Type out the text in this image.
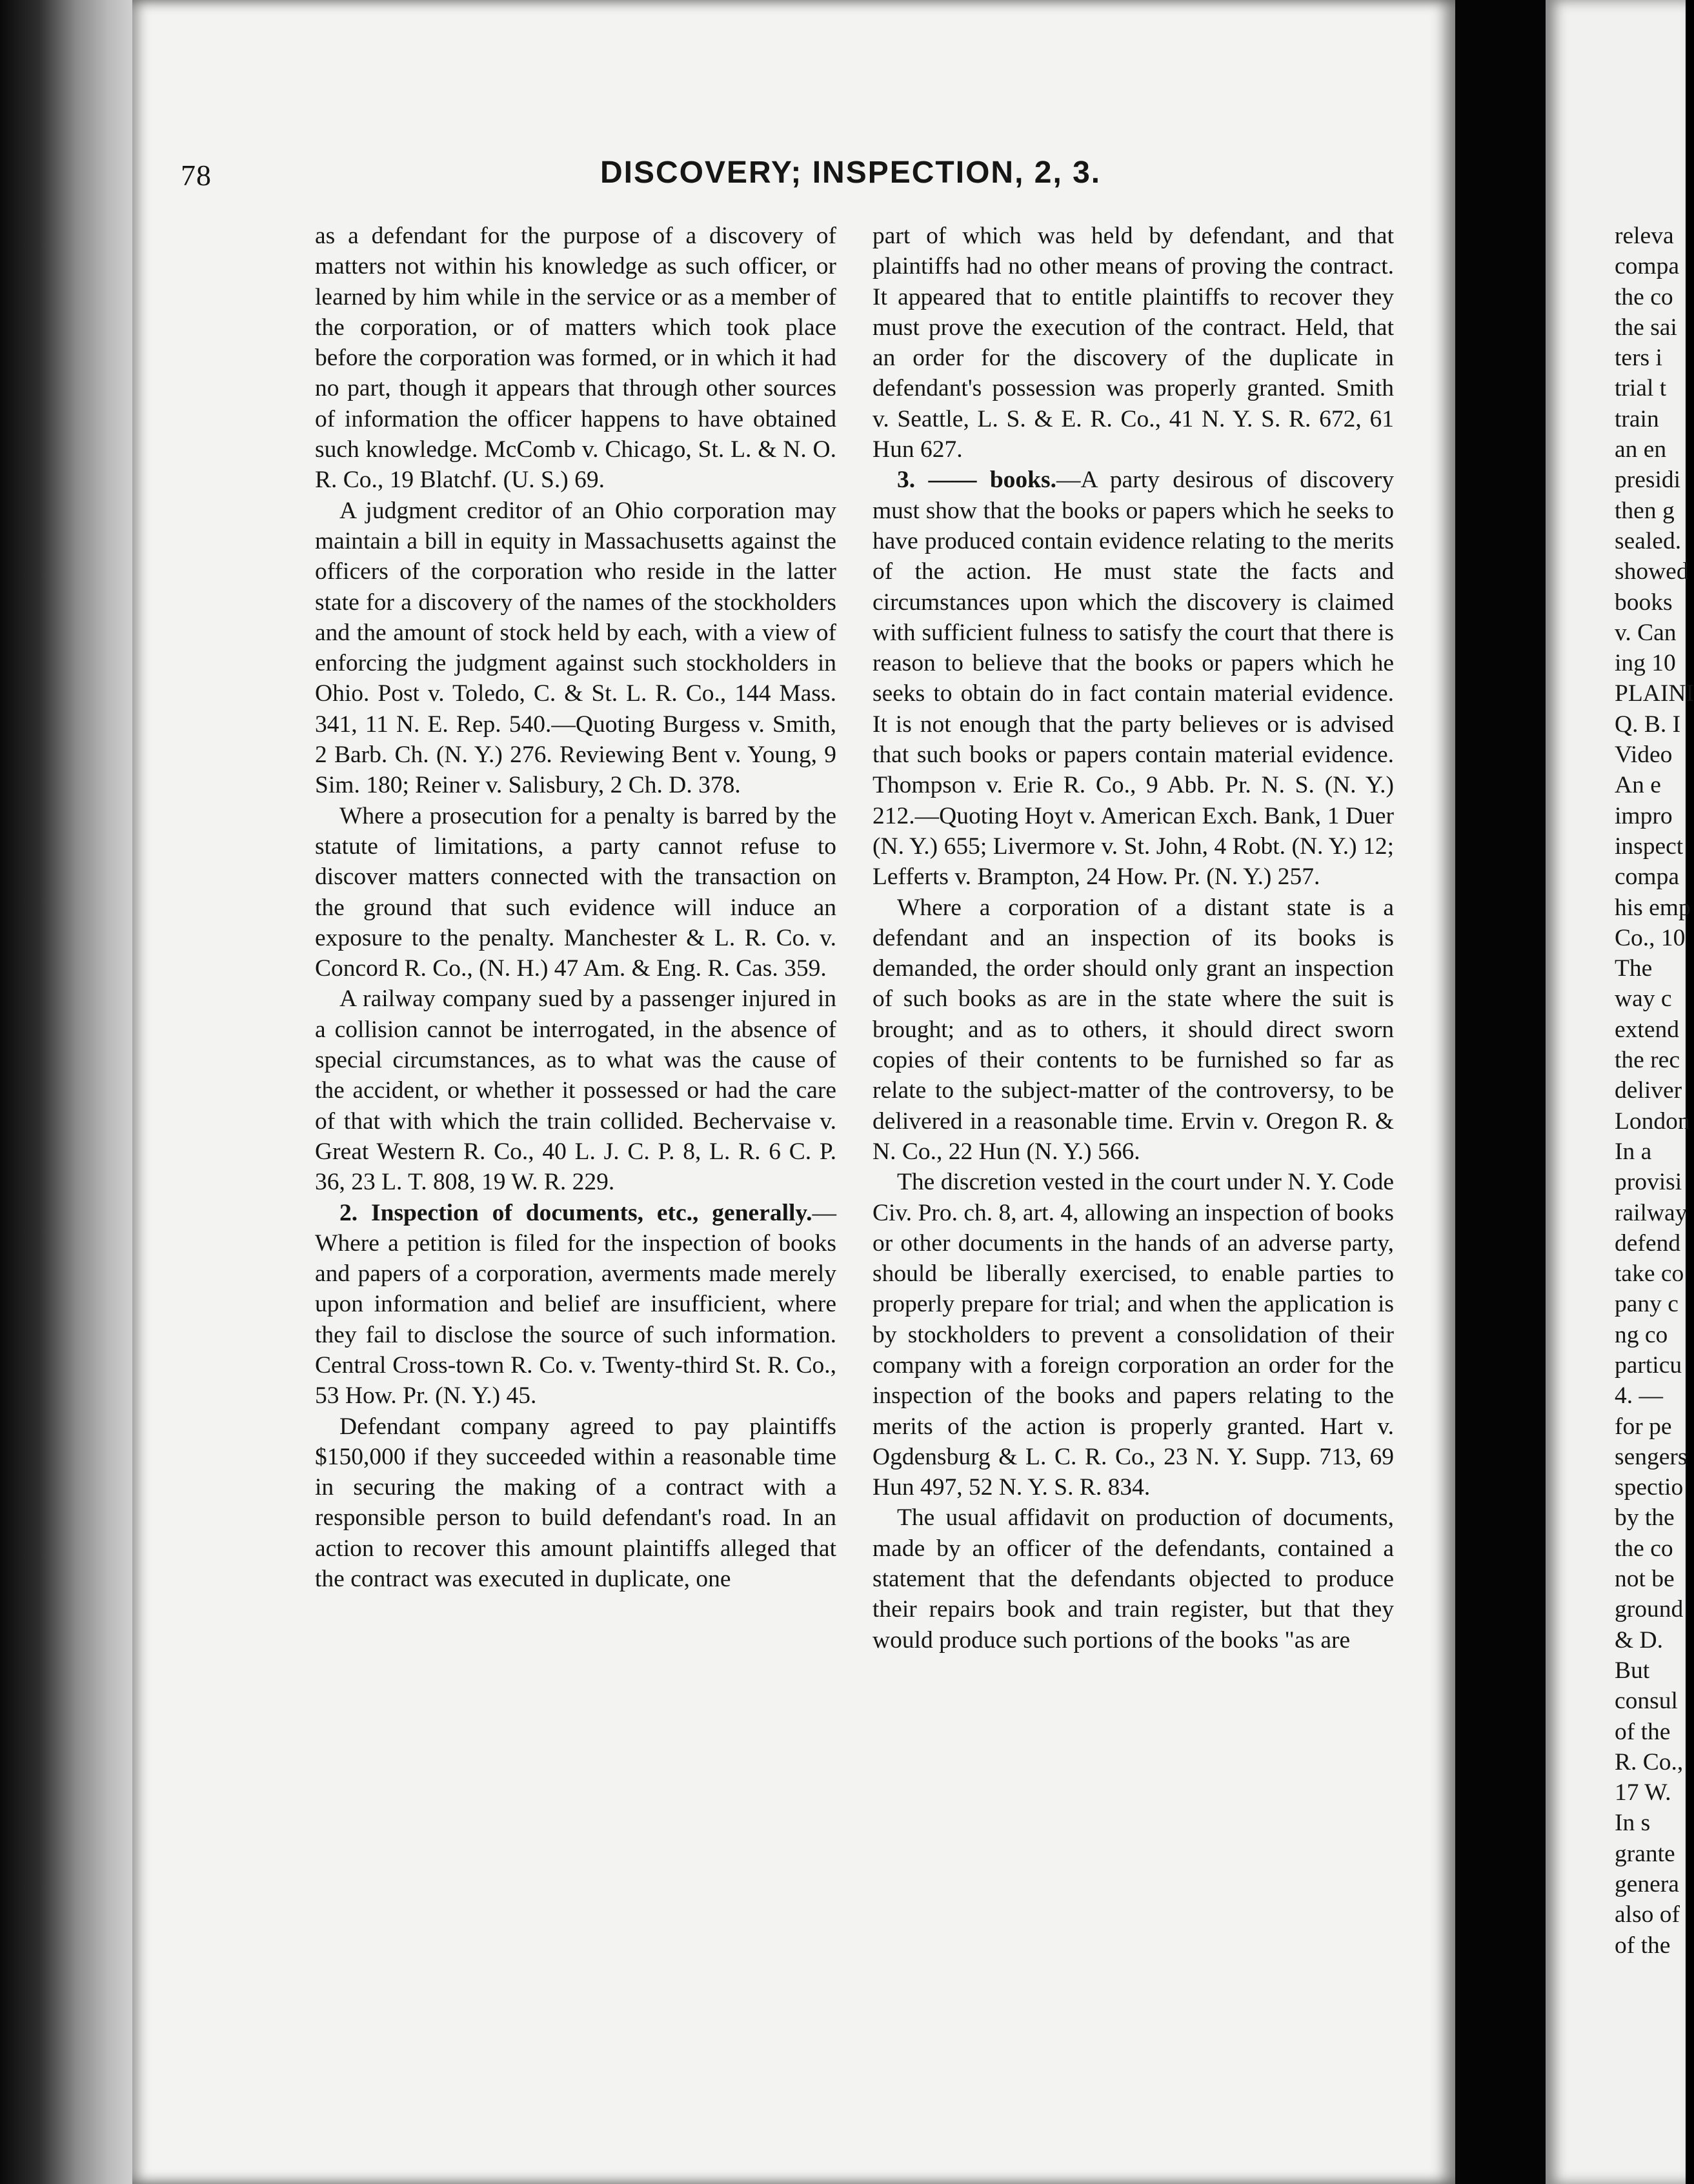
78	DISCOVERY; INSPECTION, 2, 3.

as a defendant for the purpose of a discovery of matters not within his knowledge as such officer, or learned by him while in the service or as a member of the corporation, or of matters which took place before the corporation was formed, or in which it had no part, though it appears that through other sources of information the officer happens to have obtained such knowledge. McComb v. Chicago, St. L. & N. O. R. Co., 19 Blatchf. (U. S.) 69.

A judgment creditor of an Ohio corporation may maintain a bill in equity in Massachusetts against the officers of the corporation who reside in the latter state for a discovery of the names of the stockholders and the amount of stock held by each, with a view of enforcing the judgment against such stockholders in Ohio. Post v. Toledo, C. & St. L. R. Co., 144 Mass. 341, 11 N. E. Rep. 540.—Quoting Burgess v. Smith, 2 Barb. Ch. (N. Y.) 276. Reviewing Bent v. Young, 9 Sim. 180; Reiner v. Salisbury, 2 Ch. D. 378.

Where a prosecution for a penalty is barred by the statute of limitations, a party cannot refuse to discover matters connected with the transaction on the ground that such evidence will induce an exposure to the penalty. Manchester & L. R. Co. v. Concord R. Co., (N. H.) 47 Am. & Eng. R. Cas. 359.

A railway company sued by a passenger injured in a collision cannot be interrogated, in the absence of special circumstances, as to what was the cause of the accident, or whether it possessed or had the care of that with which the train collided. Bechervaise v. Great Western R. Co., 40 L. J. C. P. 8, L. R. 6 C. P. 36, 23 L. T. 808, 19 W. R. 229.

2. Inspection of documents, etc., generally.—Where a petition is filed for the inspection of books and papers of a corporation, averments made merely upon information and belief are insufficient, where they fail to disclose the source of such information. Central Cross-town R. Co. v. Twenty-third St. R. Co., 53 How. Pr. (N. Y.) 45.

Defendant company agreed to pay plaintiffs $150,000 if they succeeded within a reasonable time in securing the making of a contract with a responsible person to build defendant's road. In an action to recover this amount plaintiffs alleged that the contract was executed in duplicate, one

part of which was held by defendant, and that plaintiffs had no other means of proving the contract. It appeared that to entitle plaintiffs to recover they must prove the execution of the contract. Held, that an order for the discovery of the duplicate in defendant's possession was properly granted. Smith v. Seattle, L. S. & E. R. Co., 41 N. Y. S. R. 672, 61 Hun 627.

3. —— books.—A party desirous of discovery must show that the books or papers which he seeks to have produced contain evidence relating to the merits of the action. He must state the facts and circumstances upon which the discovery is claimed with sufficient fulness to satisfy the court that there is reason to believe that the books or papers which he seeks to obtain do in fact contain material evidence. It is not enough that the party believes or is advised that such books or papers contain material evidence. Thompson v. Erie R. Co., 9 Abb. Pr. N. S. (N. Y.) 212.—Quoting Hoyt v. American Exch. Bank, 1 Duer (N. Y.) 655; Livermore v. St. John, 4 Robt. (N. Y.) 12; Lefferts v. Brampton, 24 How. Pr. (N. Y.) 257.

Where a corporation of a distant state is a defendant and an inspection of its books is demanded, the order should only grant an inspection of such books as are in the state where the suit is brought; and as to others, it should direct sworn copies of their contents to be furnished so far as relate to the subject-matter of the controversy, to be delivered in a reasonable time. Ervin v. Oregon R. & N. Co., 22 Hun (N. Y.) 566.

The discretion vested in the court under N. Y. Code Civ. Pro. ch. 8, art. 4, allowing an inspection of books or other documents in the hands of an adverse party, should be liberally exercised, to enable parties to properly prepare for trial; and when the application is by stockholders to prevent a consolidation of their company with a foreign corporation an order for the inspection of the books and papers relating to the merits of the action is properly granted. Hart v. Ogdensburg & L. C. R. Co., 23 N. Y. Supp. 713, 69 Hun 497, 52 N. Y. S. R. 834.

The usual affidavit on production of documents, made by an officer of the defendants, contained a statement that the defendants objected to produce their repairs book and train register, but that they would produce such portions of the books "as are

releva
compa
the co
the sai
ters i
trial t
train
an en
presidi
then g
sealed.
showed
books
v. Can
ing 10
PLAINI
Q. B. I
Video
An e
impro
inspect
compa
his emp
Co., 10
The
way c
extend
the rec
deliver
London
In a
provisi
railway
defend
take co
pany c
ng co
particu
4. —
for pe
sengers
spectio
by the
the co
not be
ground
& D.
But
consul
of the
R. Co.,
17 W.
In s
grante
genera
also of
of the
